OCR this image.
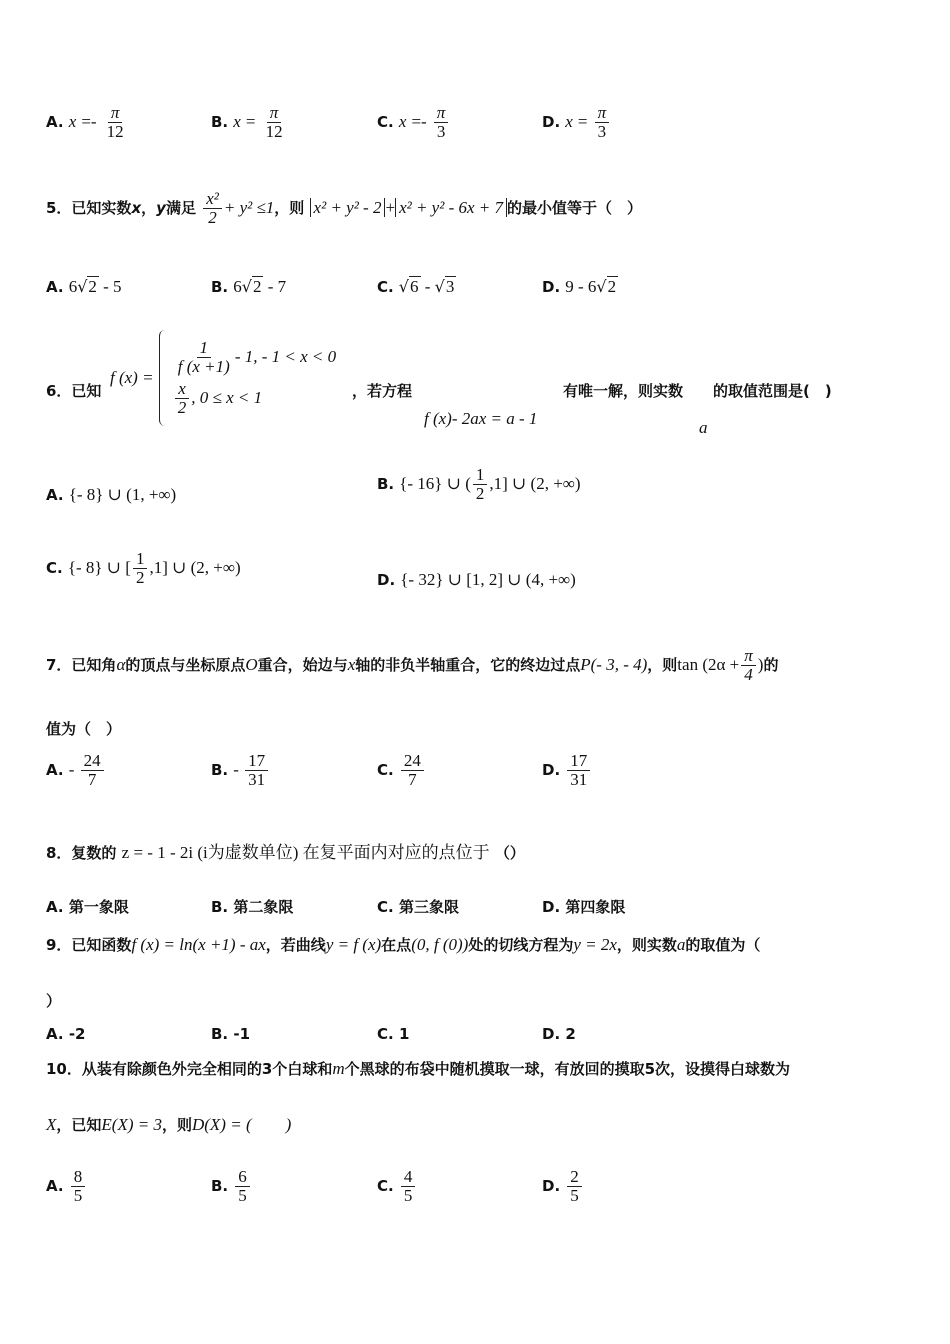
A. $x =- \frac{\pi}{12}$	B. $x = \frac{\pi}{12}$	C. $x =- \frac{\pi}{3}$	D. $x = \frac{\pi}{3}$
5．已知实数x，y满足 $\frac{\text{x²}}{2} + y^2 \le 1$，则 x² + y² - 2 + x² + y² - 6x + 7 的最小值等于（　）
A. 6√2 - 5	B. 6√2 - 7	C. √6 - √3	D. 9 - 6√2
6．已知
f (x) =
$\frac{1}{f (x +1)} - 1$, - 1 < x < 0
$\frac{x}{2}$ , 0 ≤ x < 1	，若方程
f (x)- 2ax = a - 1
有唯一解，则实数
a
的取值范围是(　)
A. {- 8} ∪ (1, +∞)
B. {- 16} ∪ ( $\frac{1}{2} ,1$] ∪ (2, +∞)
C. {- 8} ∪ [ $\frac{1}{2} ,1$] ∪ (2, +∞)
D. {- 32} ∪ [1, 2] ∪ (4, +∞)
7．已知角α的顶点与坐标原点O重合，始边与x轴的非负半轴重合，它的终边过点P(- 3, - 4)，则$\tan (2\alpha + \frac{\pi}{4}$ )的
值为（　）
A. - $\frac{24}{7}$	B. - $\frac{17}{31}$	C. $\frac{24}{7}$	D. $\frac{17}{31}$
8．复数的 z = - 1 - 2i (i为虚数单位) 在复平面内对应的点位于 （）
A. 第一象限	B. 第二象限	C. 第三象限	D. 第四象限
9．已知函数f (x) = ln(x +1) - ax，若曲线y = f (x)在点(0, f (0))处的切线方程为y = 2x，则实数a的取值为（
）
A. -2	B. -1	C. 1	D. 2
10．从装有除颜色外完全相同的3个白球和m个黑球的布袋中随机摸取一球，有放回的摸取5次，设摸得白球数为
X，已知E(X) = 3，则D(X) = (　　)
A. $\frac{8}{5}$	B. $\frac{6}{5}$	C. $\frac{4}{5}$	D. $\frac{2}{5}$
